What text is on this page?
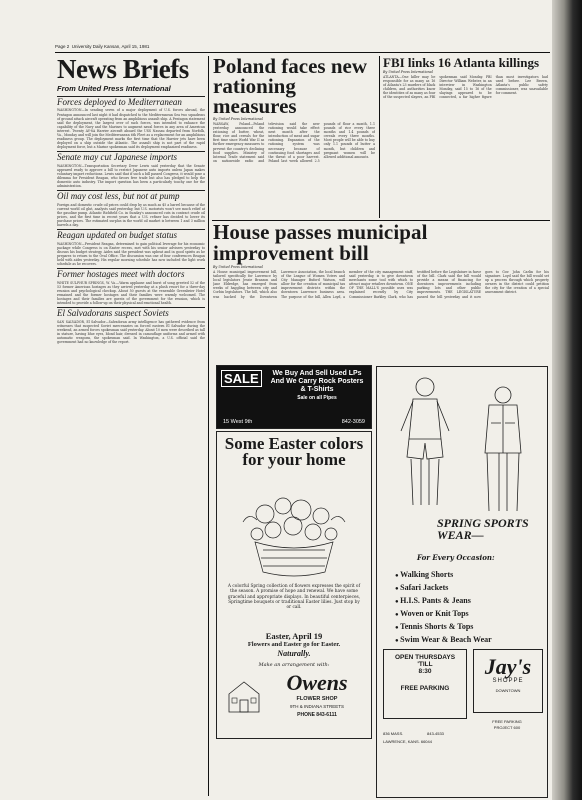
Page 2 University Daily Kansan, April 15, 1981
News Briefs
From United Press International
Forces deployed to Mediterranean
WASHINGTON—In sending seven of a major deployment of U.S. forces abroad, the Pentagon announced last night it had dispatched to the Mediterranean Sea two squadrons of ground attack aircraft operating from an amphibious assault ship. A Pentagon statement said the deployment, the largest over of such forces, was intended to enhance the capability of the Navy and the Marines to augment naval forces in any area of American interest. Twenty AV-8A Harrier aircraft aboard the USS Nassau departed from Norfolk, Va., Monday and will join the Mediterranean 6th Fleet as a replacement for an amphibious readiness group. The deployment marks the first time that the Harrier jets have been deployed on a ship outside the Atlantic. The assault ship is not part of the rapid deployment force, but a Marine spokesman said its deployment emphasized readiness.
Senate may cut Japanese imports
WASHINGTON—Transportation Secretary Drew Lewis said yesterday that the Senate appeared ready to approve a bill to restrict Japanese auto imports unless Japan makes voluntary import reductions. Lewis said that if such a bill passed Congress, it would pose a dilemma for President Reagan, who favors free trade but also has pledged to help the domestic auto industry. The import question has been a particularly touchy one for the administration.
Oil may cost less, but not at pump
Foreign and domestic crude oil prices could drop by as much as $5 a barrel because of the current world oil glut, analysts said yesterday, but U.S. motorists won't see much relief at the gasoline pump. Atlantic Richfield Co. in Sunday's announced cuts in contract crude oil prices, and the first time in recent years that a U.S. refiner has decided to lower its purchase prices. The estimated surplus in the world oil market is between 1 and 3 million barrels a day.
Reagan updated on budget status
WASHINGTON—President Reagan, determined to gain political leverage for his economic package while Congress is on Easter recess, met with his senior advisers yesterday to discuss his budget strategy. Aides said the president was upbeat and in good spirits as he prepares to return to the Oval Office. The discussion was one of four conferences Reagan held with aides yesterday. His regular morning schedule has now included the light work schedule as he recovers.
Former hostages meet with doctors
WHITE SULPHUR SPRINGS, W. Va.—Warm applause and burst of song greeted 52 of the 53 former American hostages as they arrived yesterday at a plush resort for a three-day reunion and psychological checkup. About 50 guests at the venerable Greenbrier Hotel remained and the former hostages and their families were warmly welcomed. The hostages and their families are guests of the government for the reunion, which is intended to provide a follow-up on their physical and emotional health.
El Salvadorans suspect Soviets
SAN SALVADOR, El Salvador—Salvadoran army intelligence has gathered evidence from witnesses that suspected Soviet mercenaries on forced eastern El Salvador during the weekend, an armed forces spokesman said yesterday. About 10 men were described as tall in stature, having blue eyes, blond hair, dressed in camouflage uniforms and armed with automatic weapons, the spokesman said. In Washington, a U.S. official said the government had no knowledge of the report.
Poland faces new rationing measures
By United Press International
WARSAW, Poland—Poland yesterday announced the rationing of butter, wheat, flour, rice and cereals for the first time since World War II as further emergency measures to prevent the country's declining food supplies. Ministry of Internal Trade statement said on nationwide radio and television said the new rationing would take effect next month after the introduction of meat and sugar rationing. Expansion of the rationing system was necessary because of continuing food shortages and the threat of a poor harvest. Poland last week allowed 2.5 pounds of flour a month, 1.1 pounds of rice every three months and 1.4 pounds of cereals every three months. Most people will be able to buy only 1.1 pounds of butter a month, but children and pregnant women will be allowed additional amounts.
FBI links 16 Atlanta killings
By United Press International
ATLANTA—One killer may be responsible for as many as 16 of Atlanta's 23 murders of black children, and authorities know the identities of as many as four of the suspected slayers, an FBI spokesman said Monday. FBI Director William Webster, in an interview in Washington Monday, said 15 to 16 of the slayings appeared to be connected, a far higher figure than most investigators had used before. Lee Brown, Atlanta's public safety commissioner, was unavailable for comment.
House passes municipal improvement bill
By United Press International
A House municipal improvement bill, tailored specifically for Lawrence by local legislators Jessie Branson and Jane Eldredge, has emerged from weeks of haggling between city and Corbin legislators. The bill, which also was backed by the Downtown Lawrence Association, the local branch of the League of Women Voters and City Manager Buford Watson, will allow for the creation of municipal tax improvement districts within the downtown Lawrence business area. The purpose of the bill, Allen Loyd, a member of the city management staff, said yesterday, is to give downtown merchants some tool with which to attract major retailers downtown. ONE OF THE MALL'S possible uses was explained recently by City Commissioner Barkley Clark, who has testified before the Legislature in favor of the bill. Clark said the bill would provide a means of financing for downtown improvements including parking lots and other public improvements. THE LEGISLATURE passed the bill yesterday and it now goes to Gov. John Carlin for his signature. Loyd said the bill would set up a process through which property owners in the district could petition the city for the creation of a special assessment district.
SALE	We Buy And Sell Used LPs
And We Carry Rock Posters
& T-Shirts
Sale on all Pipes
15 West 9th	842-3059
Some Easter colors for your home
A colorful Spring collection of flowers expresses the spirit of the season. A promise of hope and renewal. We have some graceful and appropriate displays. In beautiful centerpieces, Springtime bouquets or traditional Easter lilies. Just stop by or call.
Easter, April 19
Flowers and Easter go for Easter.
Naturally.
Make an arrangement with:
Owens
FLOWER SHOP
9TH & INDIANA STREETS
PHONE 843-6111
SPRING SPORTS WEAR—
For Every Occasion:
● Walking Shorts
● Safari Jackets
● H.I.S. Pants & Jeans
● Woven or Knit Tops
● Tennis Shorts & Tops
● Swim Wear & Beach Wear
OPEN THURSDAYS
'TILL
8:30
FREE PARKING
836 MASS.	843-4533
LAWRENCE, KANS. 66044
Jay's
SHOPPE
DOWNTOWN
FREE PARKING
PROJECT 600
